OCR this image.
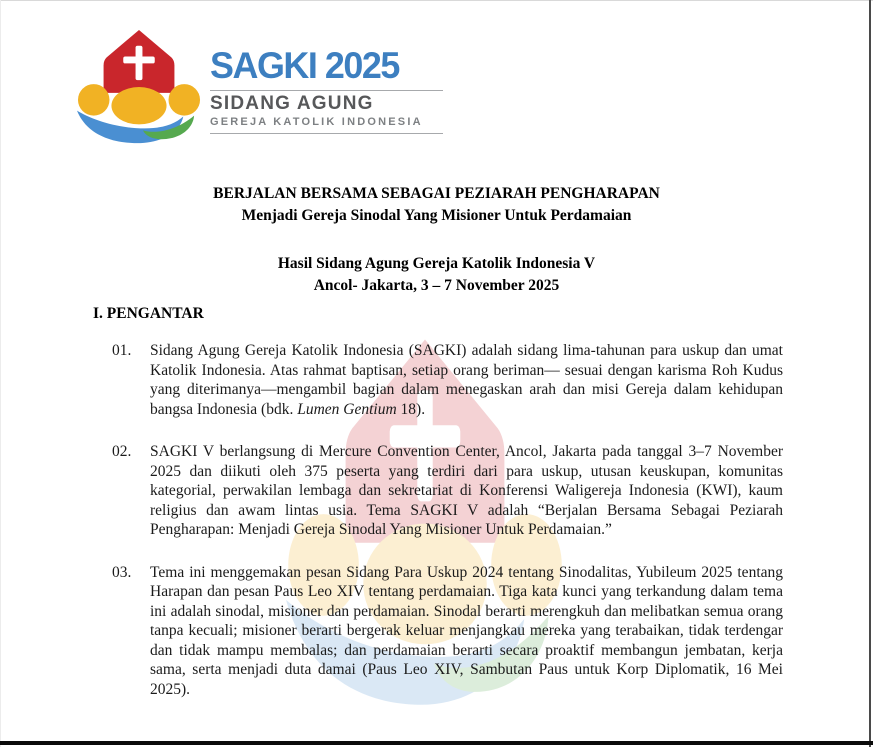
SAGKI 2025
SIDANG AGUNG
GEREJA KATOLIK INDONESIA
BERJALAN BERSAMA SEBAGAI PEZIARAH PENGHARAPAN
Menjadi Gereja Sinodal Yang Misioner Untuk Perdamaian
Hasil Sidang Agung Gereja Katolik Indonesia V
Ancol- Jakarta, 3 – 7 November 2025
I. PENGANTAR
01.	Sidang Agung Gereja Katolik Indonesia (SAGKI) adalah sidang lima-tahunan para uskup dan umat Katolik Indonesia. Atas rahmat baptisan, setiap orang beriman— sesuai dengan karisma Roh Kudus yang diterimanya—mengambil bagian dalam menegaskan arah dan misi Gereja dalam kehidupan bangsa Indonesia (bdk. Lumen Gentium 18).
02.	SAGKI V berlangsung di Mercure Convention Center, Ancol, Jakarta pada tanggal 3–7 November 2025 dan diikuti oleh 375 peserta yang terdiri dari para uskup, utusan keuskupan, komunitas kategorial, perwakilan lembaga dan sekretariat di Konferensi Waligereja Indonesia (KWI), kaum religius dan awam lintas usia. Tema SAGKI V adalah “Berjalan Bersama Sebagai Peziarah Pengharapan: Menjadi Gereja Sinodal Yang Misioner Untuk Perdamaian.”
03.	Tema ini menggemakan pesan Sidang Para Uskup 2024 tentang Sinodalitas, Yubileum 2025 tentang Harapan dan pesan Paus Leo XIV tentang perdamaian. Tiga kata kunci yang terkandung dalam tema ini adalah sinodal, misioner dan perdamaian. Sinodal berarti merengkuh dan melibatkan semua orang tanpa kecuali; misioner berarti bergerak keluar menjangkau mereka yang terabaikan, tidak terdengar dan tidak mampu membalas; dan perdamaian berarti secara proaktif membangun jembatan, kerja sama, serta menjadi duta damai (Paus Leo XIV, Sambutan Paus untuk Korp Diplomatik, 16 Mei 2025).
